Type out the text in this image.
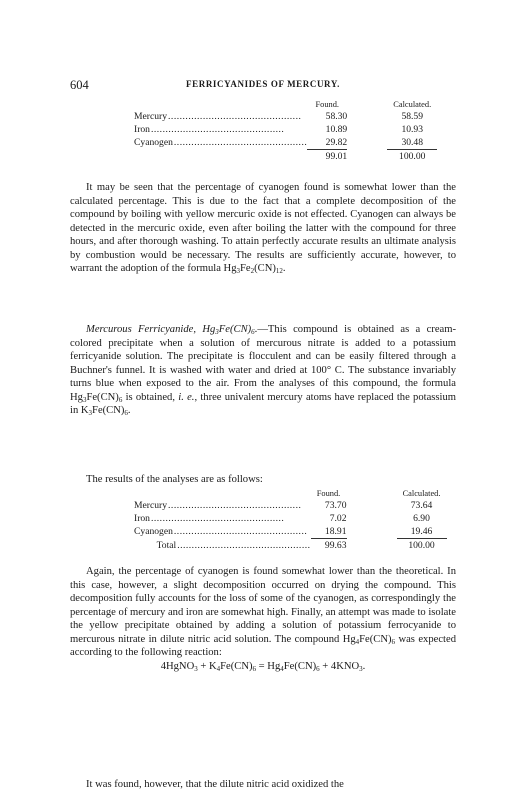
604	FERRICYANIDES OF MERCURY.
	Found.		Calculated.
Mercury..............................................	58.30		58.59
Iron..............................................	10.89		10.93
Cyanogen..............................................	29.82		30.48
	99.01		100.00

It may be seen that the percentage of cyanogen found is somewhat lower than the calculated percentage. This is due to the fact that a complete decomposition of the compound by boiling with yellow mercuric oxide is not effected. Cyanogen can always be detected in the mercuric oxide, even after boiling the latter with the compound for three hours, and after thorough washing. To attain perfectly accurate results an ultimate analysis by combustion would be necessary. The results are sufficiently accurate, however, to warrant the adoption of the formula $Hg_3Fe_2(CN)_{12}$.

Mercurous Ferricyanide, $Hg_3Fe(CN)_6.—This$ compound is obtained as a cream-colored precipitate when a solution of mercurous nitrate is added to a potassium ferricyanide solution. The precipitate is flocculent and can be easily filtered through a Buchner's funnel. It is washed with water and dried at 100° C. The substance invariably turns blue when exposed to the air. From the analyses of this compound, the formula $Hg_3Fe(CN)_6$ is obtained, i. e., three univalent mercury atoms have replaced the potassium in $K_3Fe(CN)_6$.

The results of the analyses are as follows:

	Found.		Calculated.
Mercury..............................................	73.70		73.64
Iron..............................................	7.02		6.90
Cyanogen..............................................	18.91		19.46
   Total..............................................	99.63		100.00

Again, the percentage of cyanogen is found somewhat lower than the theoretical. In this case, however, a slight decomposition occurred on drying the compound. This decomposition fully accounts for the loss of some of the cyanogen, as correspondingly the percentage of mercury and iron are somewhat high. Finally, an attempt was made to isolate the yellow precipitate obtained by adding a solution of potassium ferrocyanide to mercurous nitrate in dilute nitric acid solution. The compound $Hg_4Fe(CN)_6$ was expected according to the following reaction:

4HgNO$_3$ + $K_4Fe(CN)_6 = Hg_4Fe(CN)_6 + 4KNO_3$.

It was found, however, that the dilute nitric acid oxidized the
